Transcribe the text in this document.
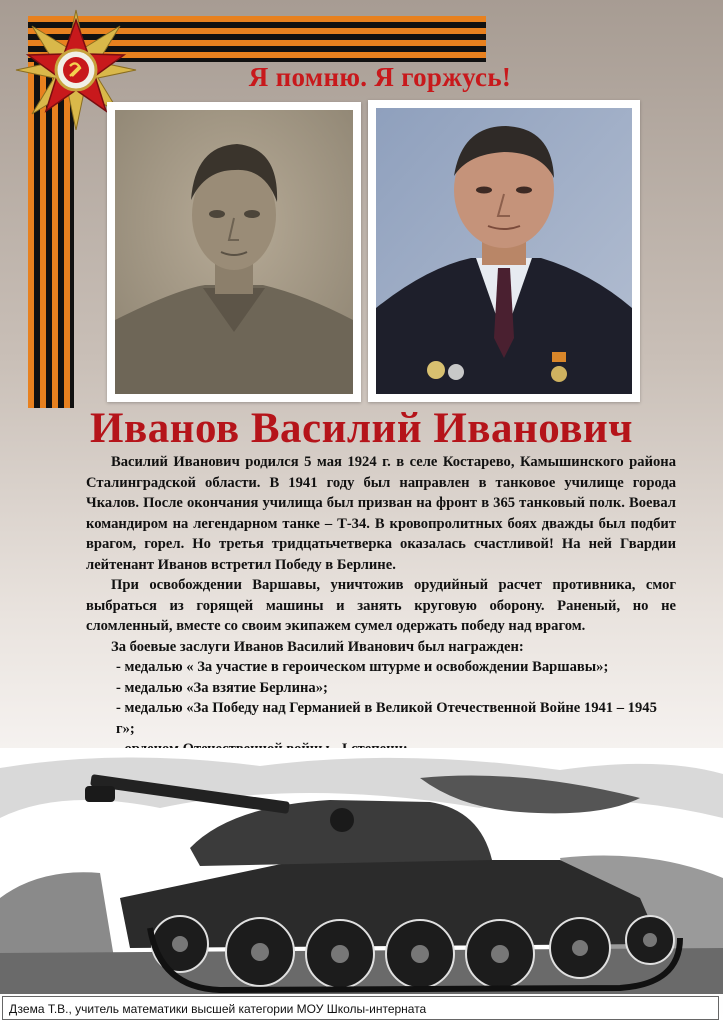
Я помню. Я горжусь!
Иванов Василий Иванович

Василий Иванович родился 5 мая 1924 г. в селе Костарево, Камышинского района Сталинградской области. В 1941 году был направлен в танковое училище города Чкалов. После окончания училища был призван на фронт в 365 танковый полк. Воевал командиром на легендарном танке – Т-34. В кровопролитных боях дважды был подбит врагом, горел. Но третья тридцатьчетверка оказалась счастливой! На ней Гвардии лейтенант Иванов встретил Победу в Берлине.

При освобождении Варшавы, уничтожив орудийный расчет противника, смог выбраться из горящей машины и занять круговую оборону. Раненый, но не сломленный, вместе со своим экипажем сумел одержать победу над врагом.

За боевые заслуги Иванов Василий Иванович был награжден:

- медалью « За участие в героическом штурме и освобождении Варшавы»;
- медалью «За взятие Берлина»;
- медалью «За Победу над Германией в Великой Отечественной Войне 1941 – 1945 г»;
Дзема Т.В., учитель математики высшей категории МОУ Школы-интерната
